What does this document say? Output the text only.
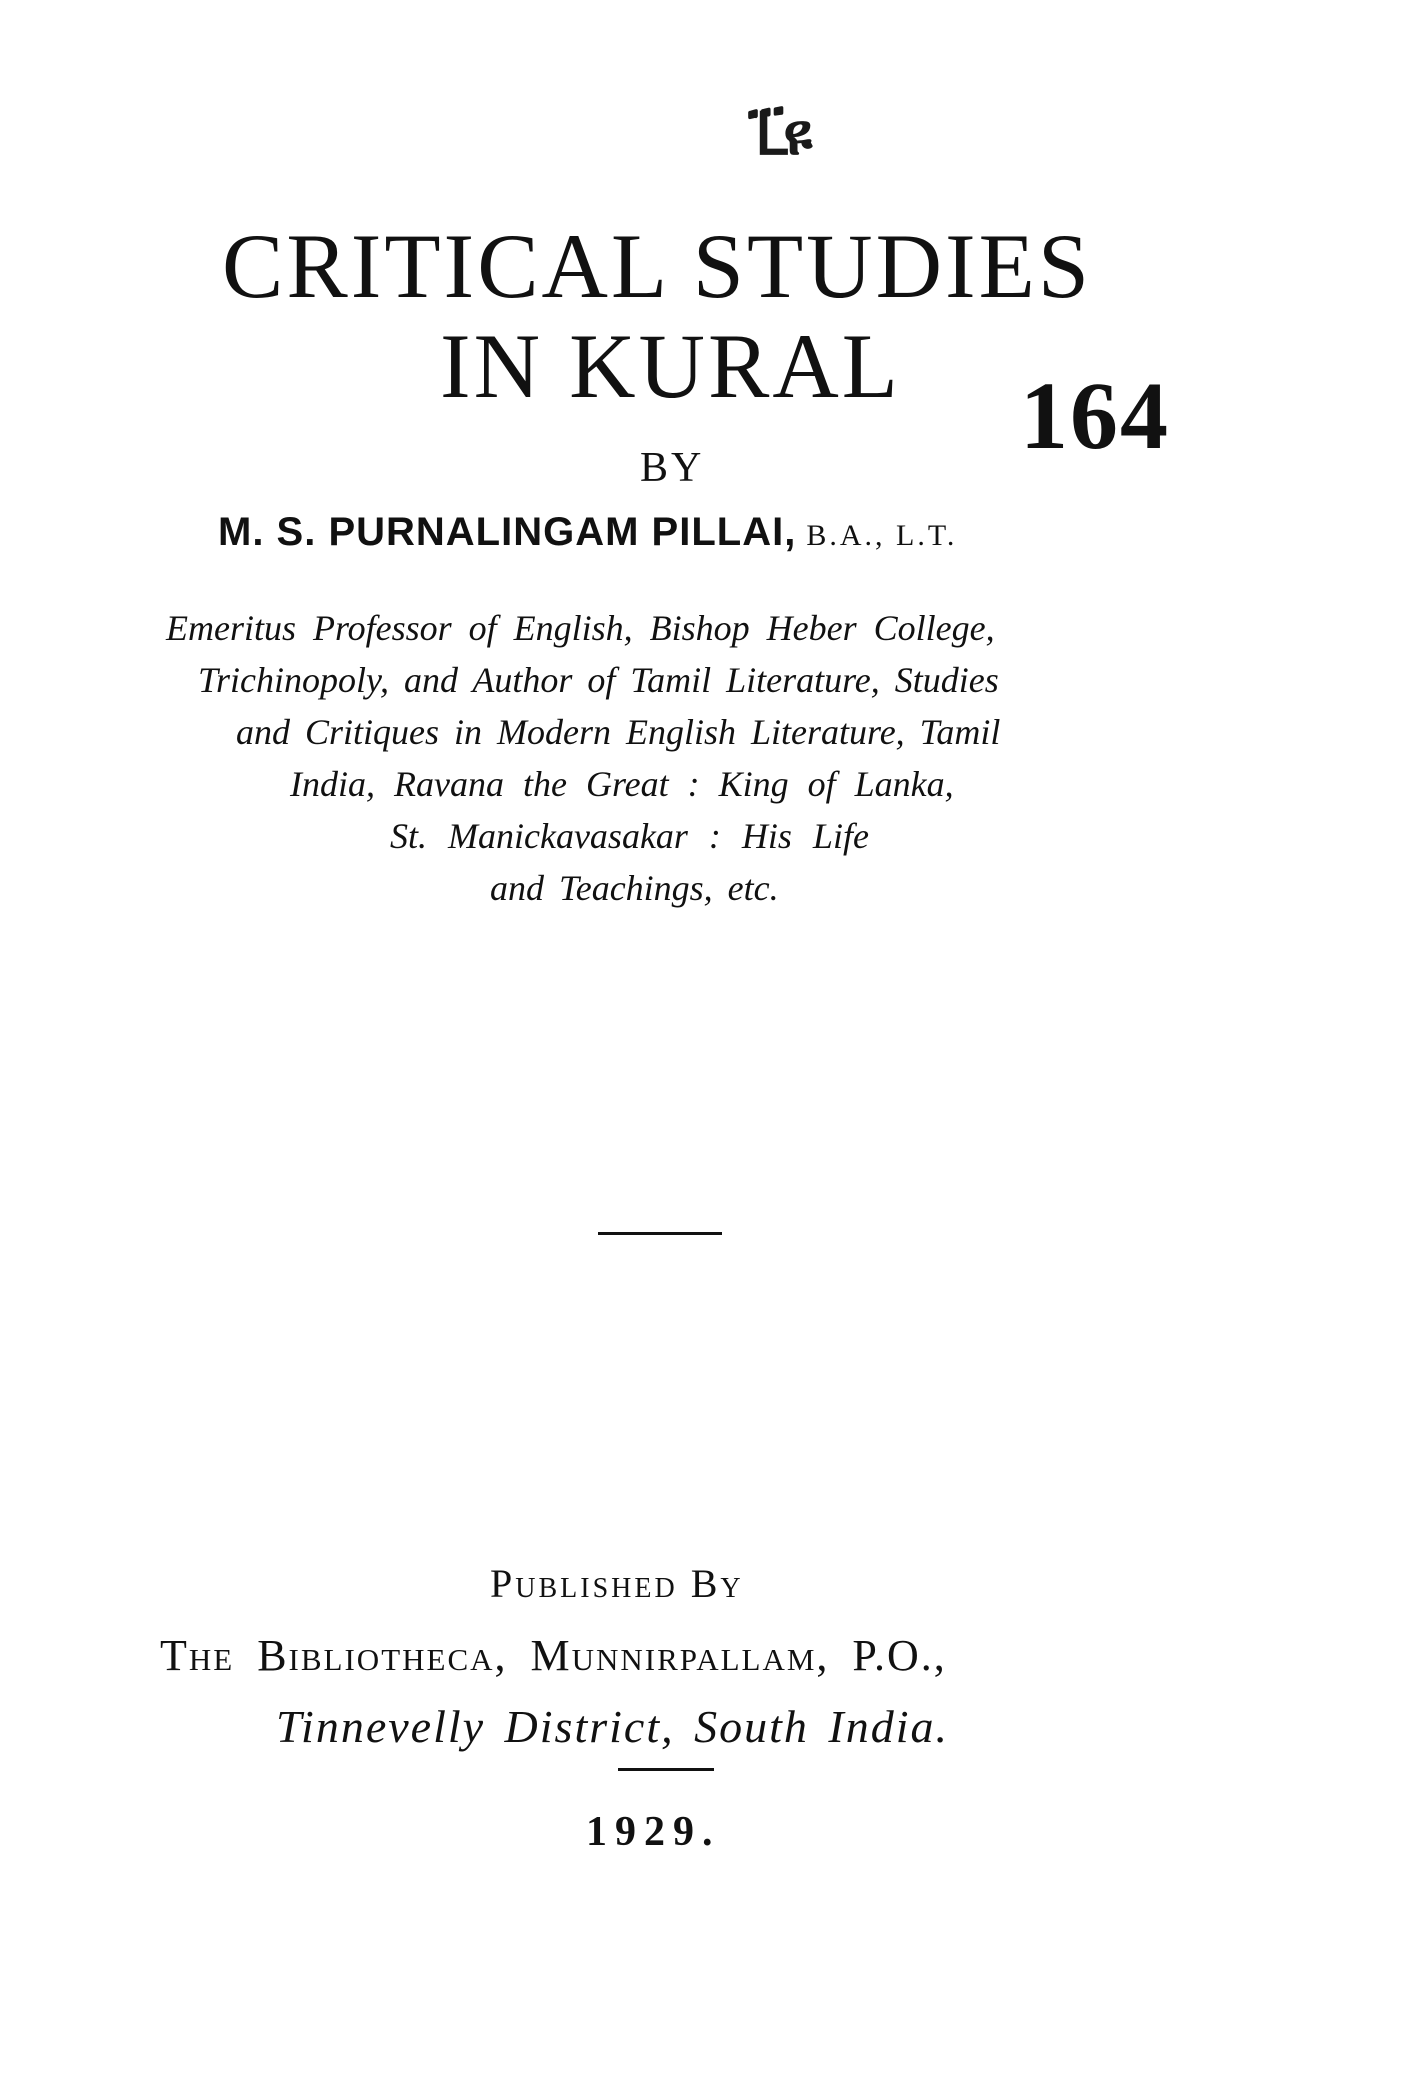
ᒪ፝ዩ
CRITICAL STUDIES
IN KURAL 164
BY
M. S. PURNALINGAM PILLAI, B.A., L.T.
Emeritus Professor of English, Bishop Heber College,
Trichinopoly, and Author of Tamil Literature, Studies
and Critiques in Modern English Literature, Tamil
India, Ravana the Great : King of Lanka,
St. Manickavasakar : His Life
and Teachings, etc.
Published By
The Bibliotheca, Munnirpallam, P.O.,
Tinnevelly District, South India.
1929.
